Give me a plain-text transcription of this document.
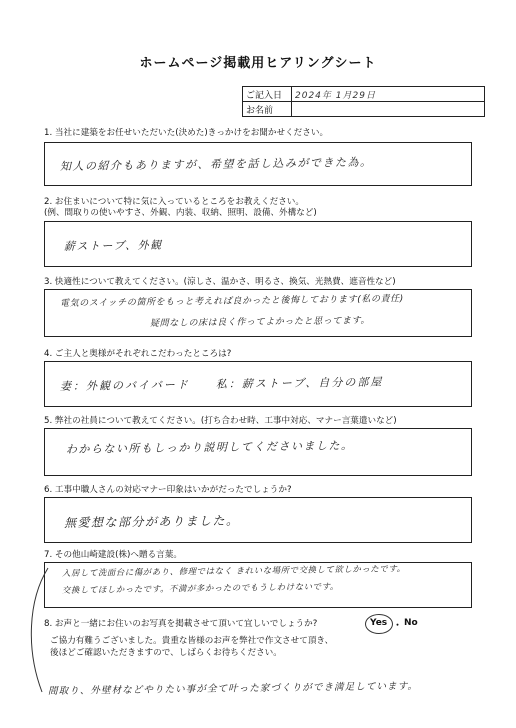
ホームページ掲載用ヒアリングシート
ご記入日	2024年 1月29日
お名前	
1. 当社に建築をお任せいただいた(決めた)きっかけをお聞かせください。
知人の紹介もありますが、希望を話し込みができた為。
2. お住まいについて特に気に入っているところをお教えください。
(例、間取りの使いやすさ、外観、内装、収納、照明、設備、外構など)
薪ストーブ、外観
3. 快適性について教えてください。(涼しさ、温かさ、明るさ、換気、光熱費、遮音性など)
電気のスイッチの箇所をもっと考えれば良かったと後悔しております(私の責任)
疑問なしの床は良く作ってよかったと思ってます。
4. ご主人と奥様がそれぞれこだわったところは?
妻：外観のバイバード　　私：薪ストーブ、自分の部屋
5. 弊社の社員について教えてください。(打ち合わせ時、工事中対応、マナー言葉遣いなど)
わからない所もしっかり説明してくださいました。
6. 工事中職人さんの対応マナー印象はいかがだったでしょうか?
無愛想な部分がありました。
7. その他山崎建設(株)へ贈る言葉。
入居して洗面台に傷があり、修理ではなく きれいな場所で交換して欲しかったです。
交換してほしかったです。不満が多かったのでもうしわけないです。
8. お声と一緒にお住いのお写真を掲載させて頂いて宜しいでしょうか?	Yes ・ No
ご協力有難うございました。貴重な皆様のお声を弊社で作文させて頂き、
後ほどご確認いただきますので、しばらくお待ちください。
間取り、外壁材などやりたい事が全て叶った家づくりができ満足しています。
